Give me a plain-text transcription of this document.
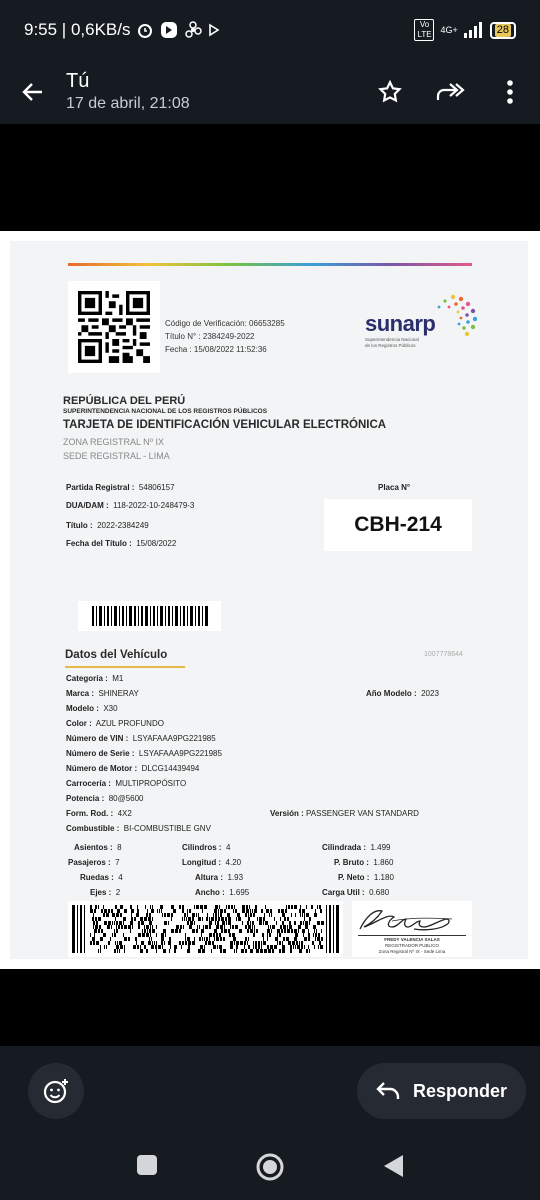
9:55 | 0,6KB/s	Vo LTE 4G+	28
Tú
17 de abril, 21:08
Código de Verificación: 06653285
Título N° : 2384249-2022
Fecha : 15/08/2022 11:52:36
sunarp
Superintendencia Nacional
de los Registros Públicos
REPÚBLICA DEL PERÚ
SUPERINTENDENCIA NACIONAL DE LOS REGISTROS PÚBLICOS
TARJETA DE IDENTIFICACIÓN VEHICULAR ELECTRÓNICA
ZONA REGISTRAL Nº IX
SEDE REGISTRAL - LIMA
Partida Registral : 54806157
DUA/DAM : 118-2022-10-248479-3
Título : 2022-2384249
Fecha del Título : 15/08/2022
Placa N°
CBH-214
Datos del Vehículo	1007778644
Categoría : M1
Marca : SHINERAY	Año Modelo : 2023
Modelo : X30
Color : AZUL PROFUNDO
Número de VIN : LSYAFAAA9PG221985
Número de Serie : LSYAFAAA9PG221985
Número de Motor : DLCG14439494
Carrocería : MULTIPROPÓSITO
Potencia : 80@5600
Form. Rod. : 4X2	Versión : PASSENGER VAN STANDARD
Combustible : BI-COMBUSTIBLE GNV
Asientos : 8	Cilindros : 4	Cilindrada : 1.499
Pasajeros : 7	Longitud : 4.20	P. Bruto : 1.860
Ruedas : 4	Altura : 1.93	P. Neto : 1.180
Ejes : 2	Ancho : 1.695	Carga Util : 0.680
FREDY VALENCIA SALAS
REGISTRADOR PUBLICO
Zona Registral Nº IX - Sede Lima
Responder
